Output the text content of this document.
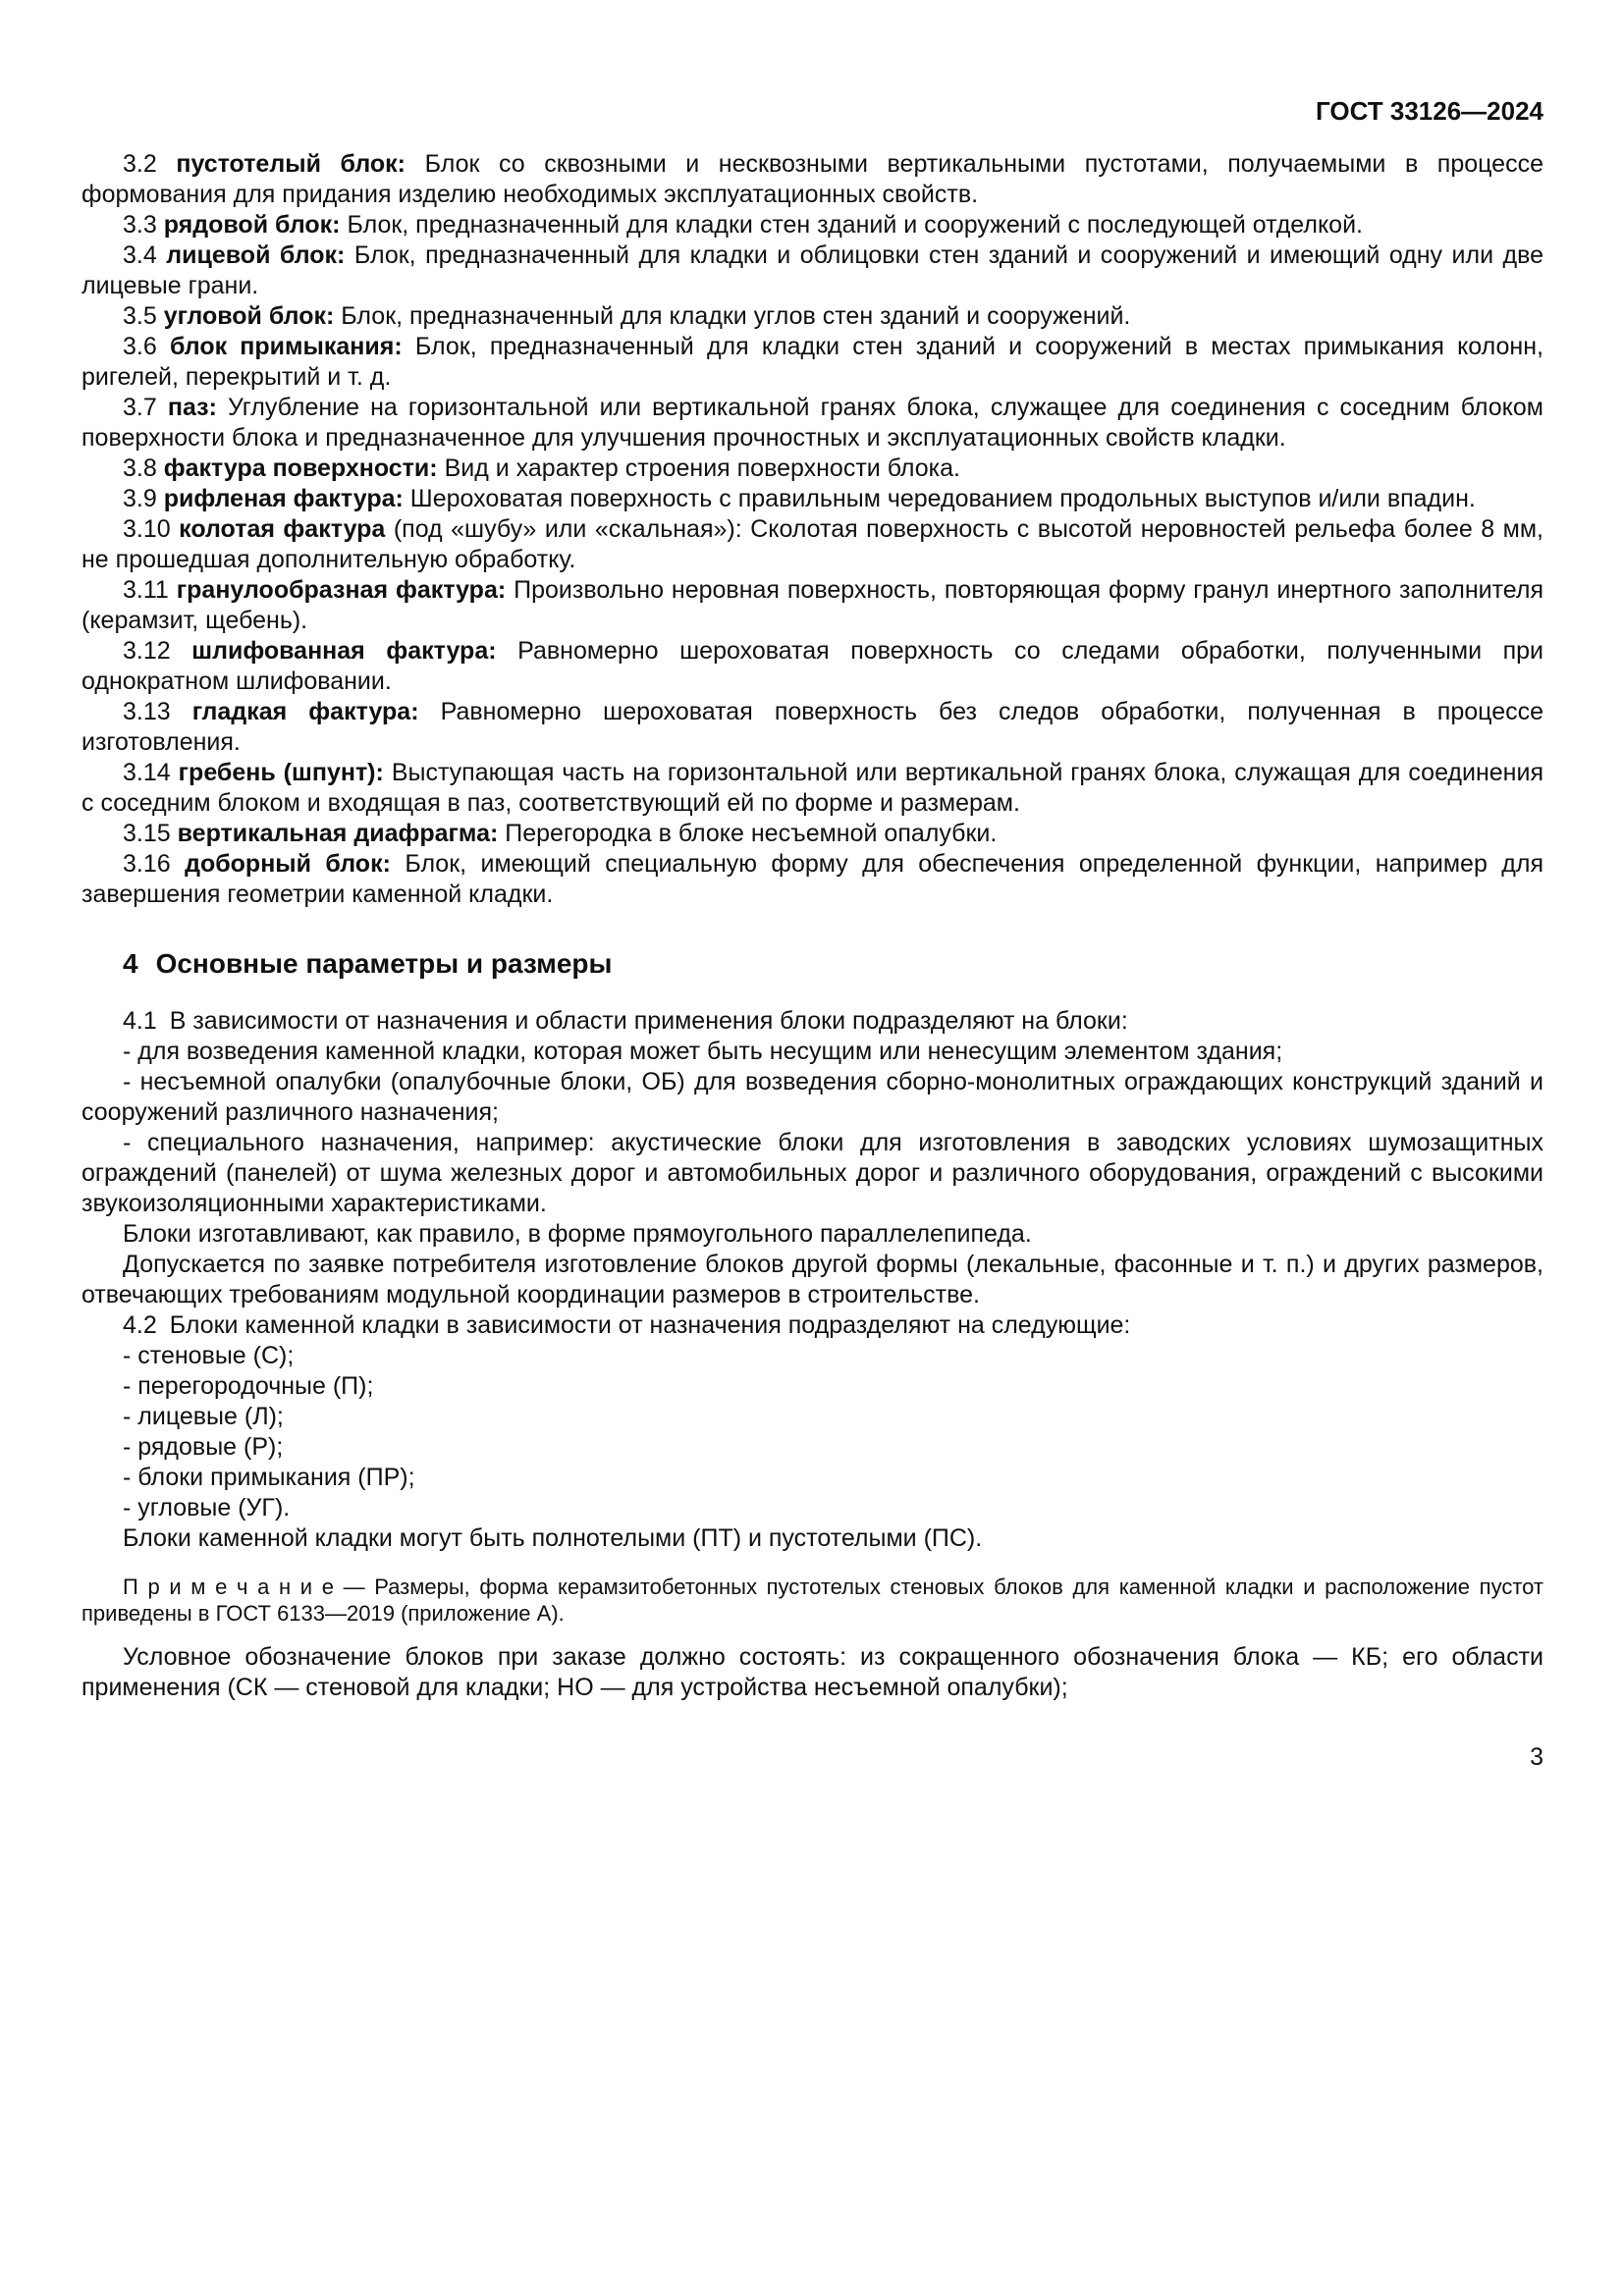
ГОСТ 33126—2024

3.2 пустотелый блок: Блок со сквозными и несквозными вертикальными пустотами, получаемыми в процессе формования для придания изделию необходимых эксплуатационных свойств.

3.3 рядовой блок: Блок, предназначенный для кладки стен зданий и сооружений с последующей отделкой.

3.4 лицевой блок: Блок, предназначенный для кладки и облицовки стен зданий и сооружений и имеющий одну или две лицевые грани.

3.5 угловой блок: Блок, предназначенный для кладки углов стен зданий и сооружений.

3.6 блок примыкания: Блок, предназначенный для кладки стен зданий и сооружений в местах примыкания колонн, ригелей, перекрытий и т. д.

3.7 паз: Углубление на горизонтальной или вертикальной гранях блока, служащее для соединения с соседним блоком поверхности блока и предназначенное для улучшения прочностных и эксплуатационных свойств кладки.

3.8 фактура поверхности: Вид и характер строения поверхности блока.

3.9 рифленая фактура: Шероховатая поверхность с правильным чередованием продольных выступов и/или впадин.

3.10 колотая фактура (под «шубу» или «скальная»): Сколотая поверхность с высотой неровностей рельефа более 8 мм, не прошедшая дополнительную обработку.

3.11 гранулообразная фактура: Произвольно неровная поверхность, повторяющая форму гранул инертного заполнителя (керамзит, щебень).

3.12 шлифованная фактура: Равномерно шероховатая поверхность со следами обработки, полученными при однократном шлифовании.

3.13 гладкая фактура: Равномерно шероховатая поверхность без следов обработки, полученная в процессе изготовления.

3.14 гребень (шпунт): Выступающая часть на горизонтальной или вертикальной гранях блока, служащая для соединения с соседним блоком и входящая в паз, соответствующий ей по форме и размерам.

3.15 вертикальная диафрагма: Перегородка в блоке несъемной опалубки.

3.16 доборный блок: Блок, имеющий специальную форму для обеспечения определенной функции, например для завершения геометрии каменной кладки.

4 Основные параметры и размеры

4.1 В зависимости от назначения и области применения блоки подразделяют на блоки:

- для возведения каменной кладки, которая может быть несущим или ненесущим элементом здания;

- несъемной опалубки (опалубочные блоки, ОБ) для возведения сборно-монолитных ограждающих конструкций зданий и сооружений различного назначения;

- специального назначения, например: акустические блоки для изготовления в заводских условиях шумозащитных ограждений (панелей) от шума железных дорог и автомобильных дорог и различного оборудования, ограждений с высокими звукоизоляционными характеристиками.

Блоки изготавливают, как правило, в форме прямоугольного параллелепипеда.

Допускается по заявке потребителя изготовление блоков другой формы (лекальные, фасонные и т. п.) и других размеров, отвечающих требованиям модульной координации размеров в строительстве.

4.2 Блоки каменной кладки в зависимости от назначения подразделяют на следующие:

- стеновые (С);

- перегородочные (П);

- лицевые (Л);

- рядовые (Р);

- блоки примыкания (ПР);

- угловые (УГ).

Блоки каменной кладки могут быть полнотелыми (ПТ) и пустотелыми (ПС).

П р и м е ч а н и е — Размеры, форма керамзитобетонных пустотелых стеновых блоков для каменной кладки и расположение пустот приведены в ГОСТ 6133—2019 (приложение А).

Условное обозначение блоков при заказе должно состоять: из сокращенного обозначения блока — КБ; его области применения (СК — стеновой для кладки; НО — для устройства несъемной опалубки);

3
